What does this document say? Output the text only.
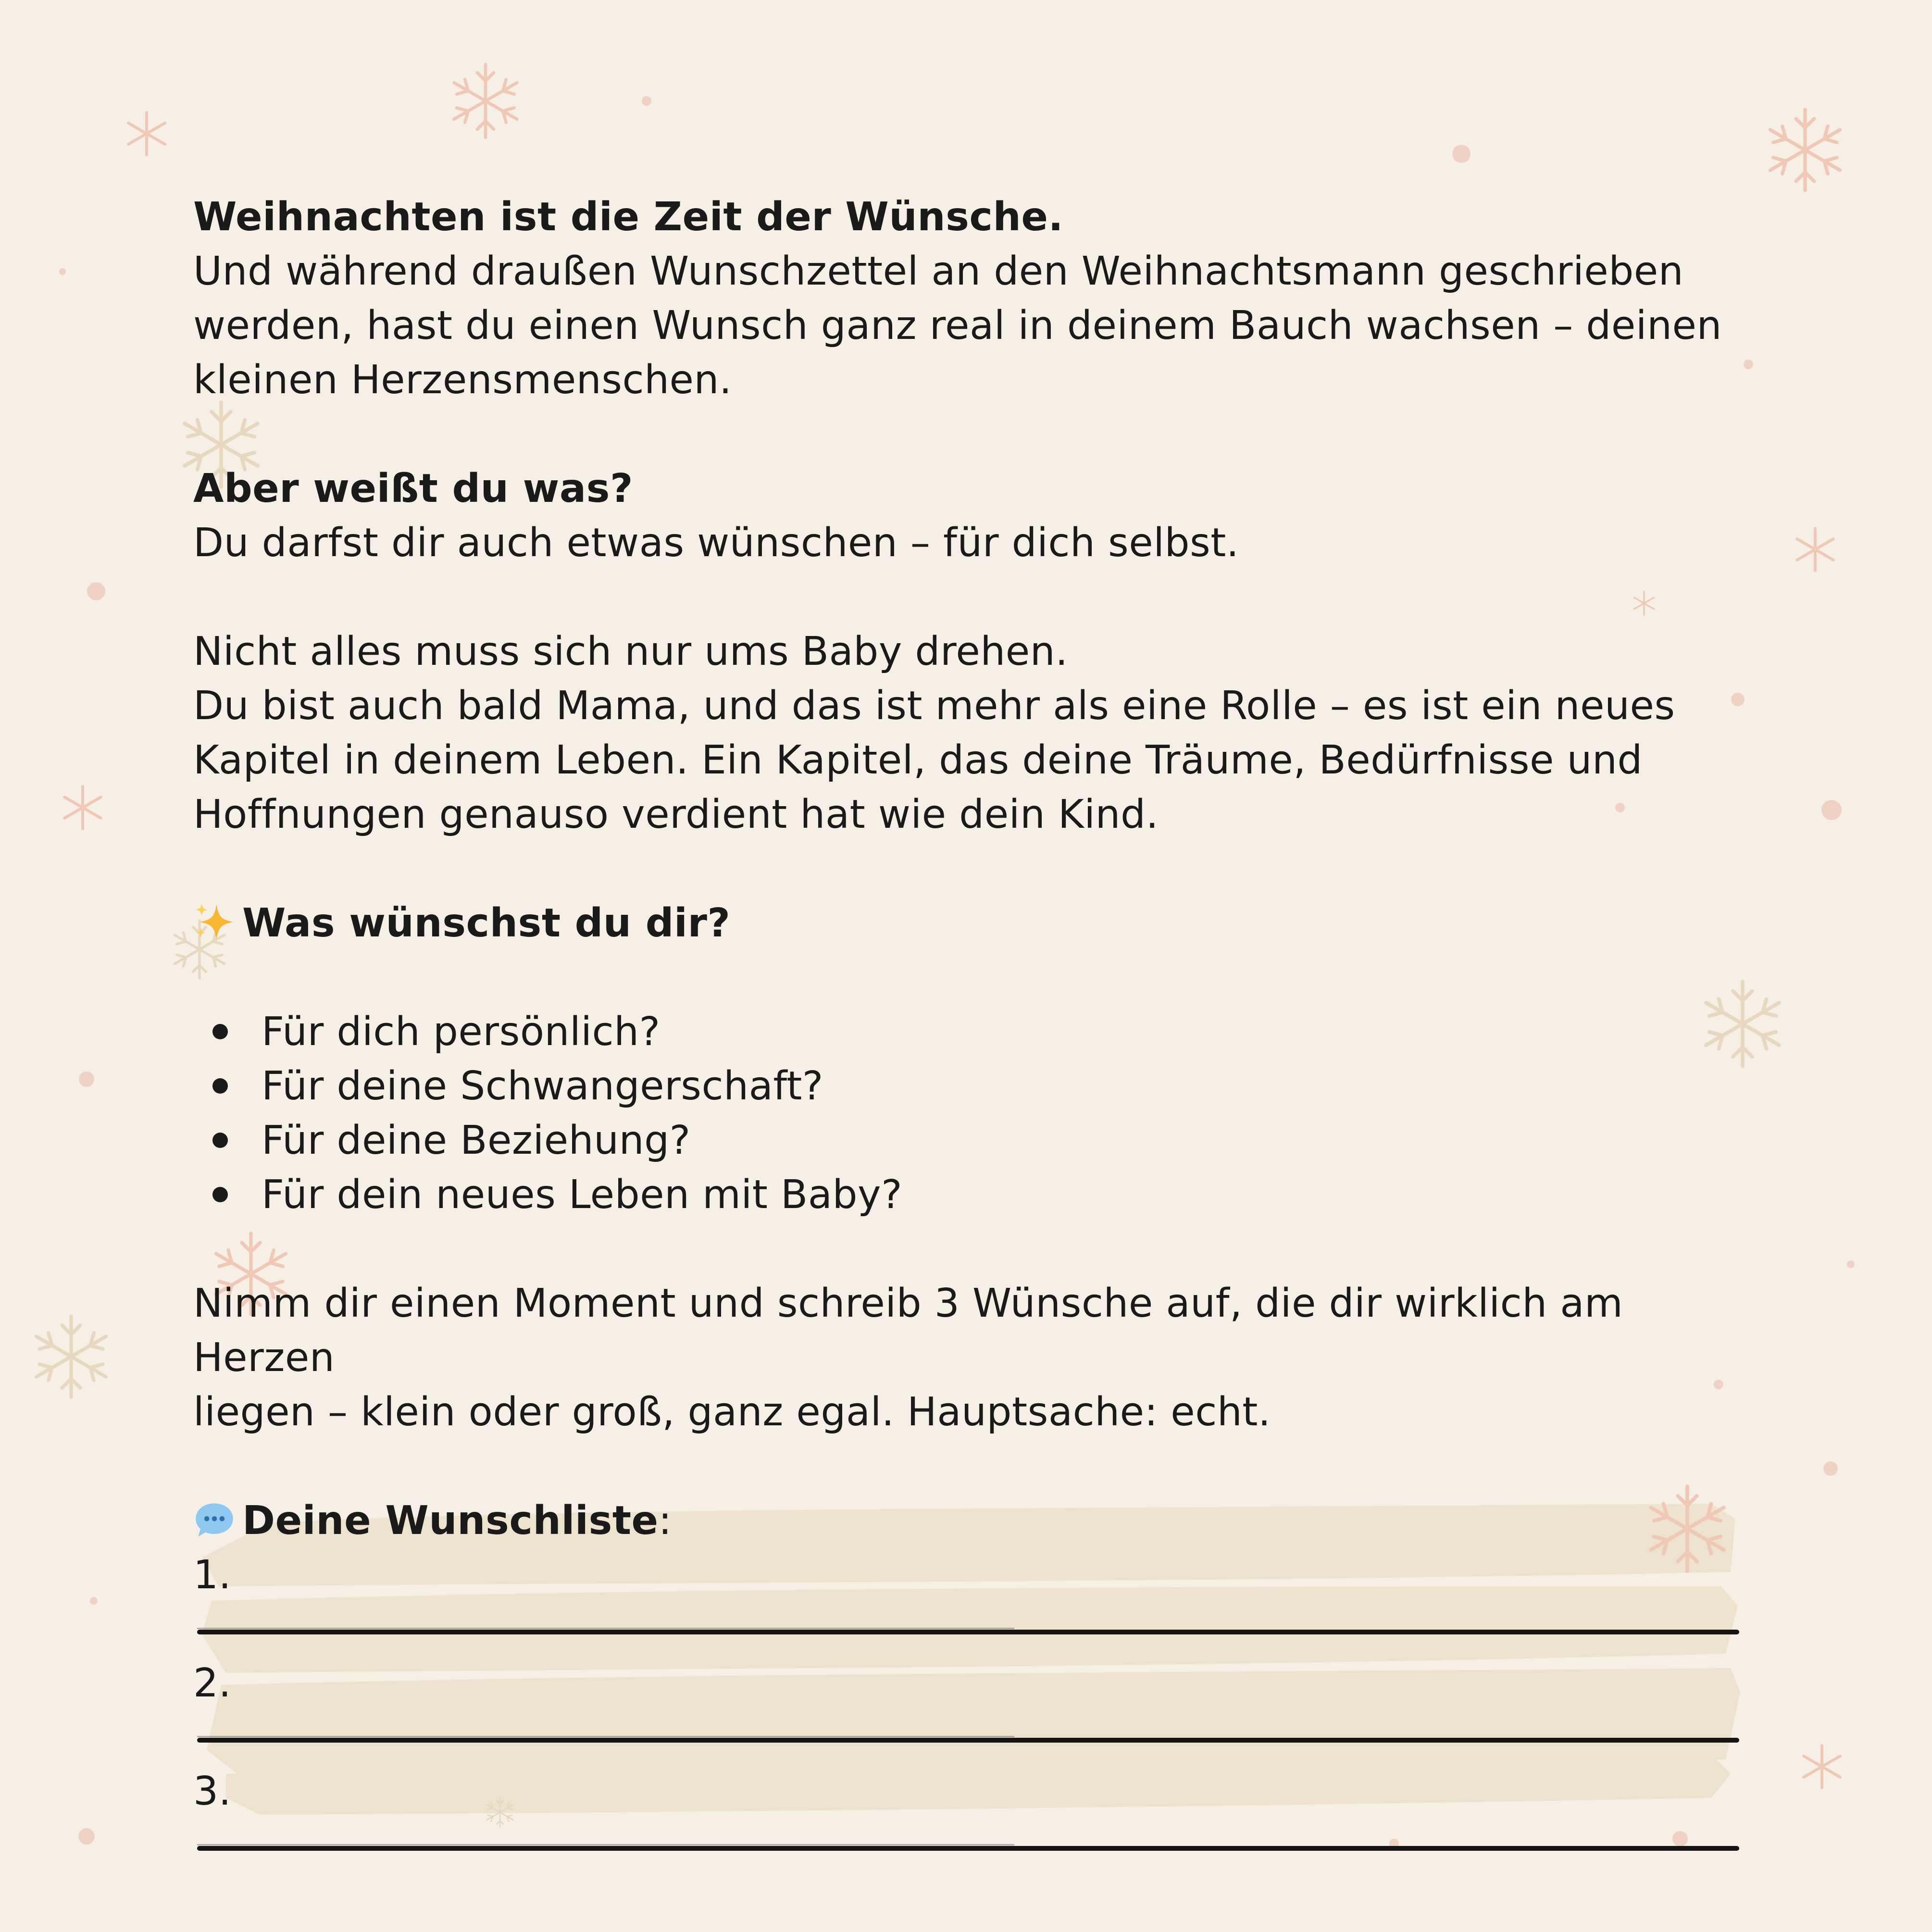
Weihnachten ist die Zeit der Wünsche.

Und während draußen Wunschzettel an den Weihnachtsmann geschrieben

werden, hast du einen Wunsch ganz real in deinem Bauch wachsen – deinen

kleinen Herzensmenschen.

Aber weißt du was?

Du darfst dir auch etwas wünschen – für dich selbst.

Nicht alles muss sich nur ums Baby drehen.

Du bist auch bald Mama, und das ist mehr als eine Rolle – es ist ein neues

Kapitel in deinem Leben. Ein Kapitel, das deine Träume, Bedürfnisse und

Hoffnungen genauso verdient hat wie dein Kind.

Was wünschst du dir?

Für dich persönlich?
Für deine Schwangerschaft?
Für deine Beziehung?
Für dein neues Leben mit Baby?

Nimm dir einen Moment und schreib 3 Wünsche auf, die dir wirklich am Herzen

liegen – klein oder groß, ganz egal. Hauptsache: echt.

Deine Wunschliste:

1.
2.
3.
